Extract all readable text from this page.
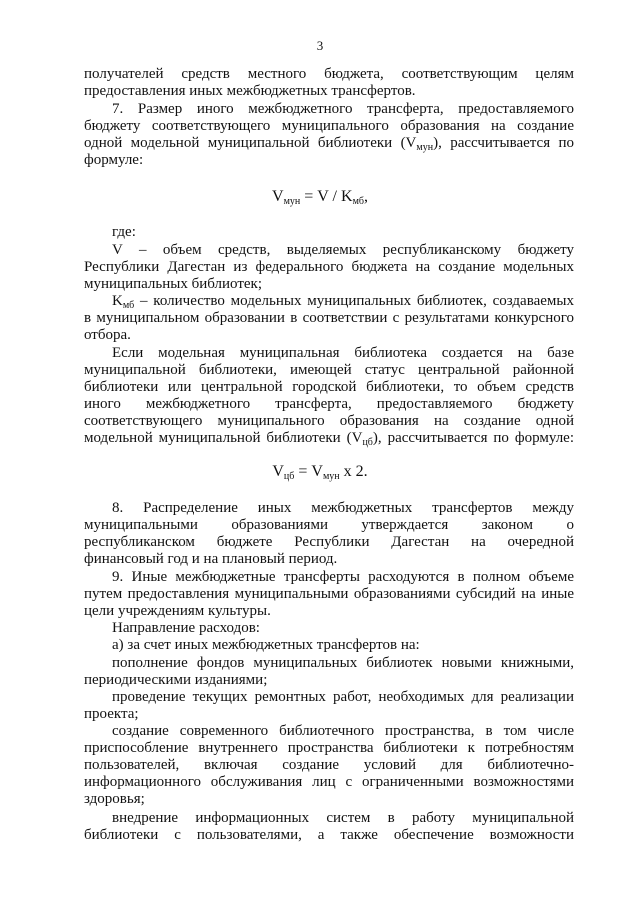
3
получателей средств местного бюджета, соответствующим целям
предоставления иных межбюджетных трансфертов.
7. Размер иного межбюджетного трансферта, предоставляемого
бюджету соответствующего муниципального образования на создание
одной модельной муниципальной библиотеки $(V_{мун})$, рассчитывается по
формуле:
$V_{мун} = V / K_{мб}$,
где:
V – объем средств, выделяемых республиканскому бюджету
Республики Дагестан из федерального бюджета на создание модельных
муниципальных библиотек;
$K_{мб}$ – количество модельных муниципальных библиотек, создаваемых
в муниципальном образовании в соответствии с результатами конкурсного
отбора.
Если модельная муниципальная библиотека создается на базе
муниципальной библиотеки, имеющей статус центральной районной
библиотеки или центральной городской библиотеки, то объем средств
иного межбюджетного трансферта, предоставляемого бюджету
соответствующего муниципального образования на создание одной
модельной муниципальной библиотеки $(V_{цб})$, рассчитывается по формуле:
$V_{цб} = V_{мун}$ х 2.
8. Распределение иных межбюджетных трансфертов между
муниципальными образованиями утверждается законом о
республиканском бюджете Республики Дагестан на очередной
финансовый год и на плановый период.
9. Иные межбюджетные трансферты расходуются в полном объеме
путем предоставления муниципальными образованиями субсидий на иные
цели учреждениям культуры.
Направление расходов:
а) за счет иных межбюджетных трансфертов на:
пополнение фондов муниципальных библиотек новыми книжными,
периодическими изданиями;
проведение текущих ремонтных работ, необходимых для реализации
проекта;
создание современного библиотечного пространства, в том числе
приспособление внутреннего пространства библиотеки к потребностям
пользователей, включая создание условий для библиотечно-
информационного обслуживания лиц с ограниченными возможностями
здоровья;
внедрение информационных систем в работу муниципальной
библиотеки с пользователями, а также обеспечение возможности
